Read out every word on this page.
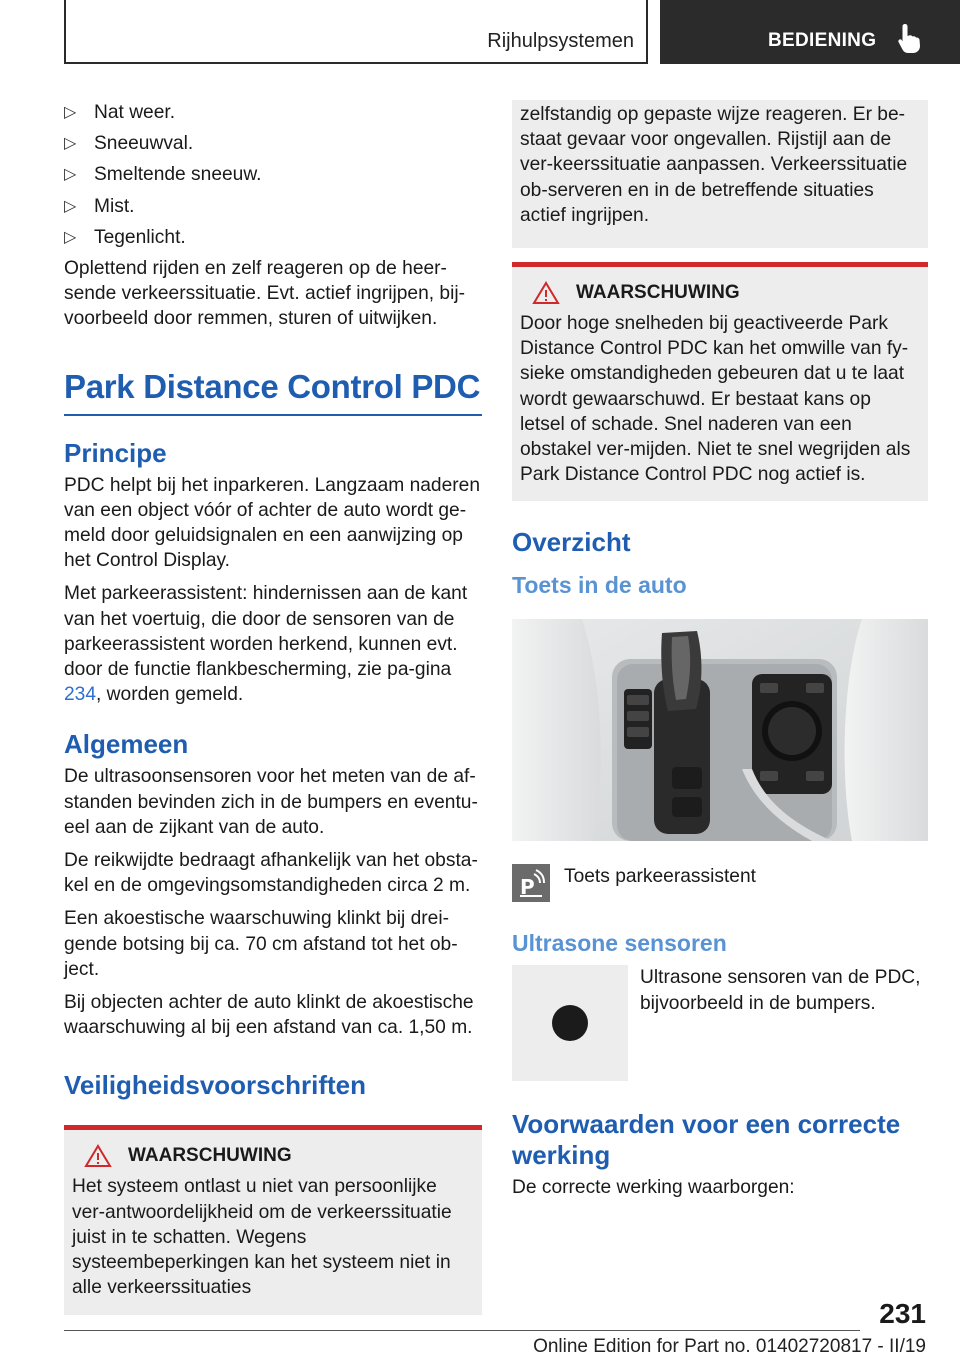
Rijhulpsystemen	BEDIENING
▷ Nat weer.
▷ Sneeuwval.
▷ Smeltende sneeuw.
▷ Mist.
▷ Tegenlicht.

Oplettend rijden en zelf reageren op de heer-sende verkeerssituatie. Evt. actief ingrijpen, bij-voorbeeld door remmen, sturen of uitwijken.

Park Distance Control PDC
Principe

PDC helpt bij het inparkeren. Langzaam naderen van een object vóór of achter de auto wordt ge-meld door geluidsignalen en een aanwijzing op het Control Display.

Met parkeerassistent: hindernissen aan de kant van het voertuig, die door de sensoren van de parkeerassistent worden herkend, kunnen evt. door de functie flankbescherming, zie pa-gina 234, worden gemeld.

Algemeen

De ultrasoonsensoren voor het meten van de af-standen bevinden zich in de bumpers en eventu-eel aan de zijkant van de auto.

De reikwijdte bedraagt afhankelijk van het obsta-kel en de omgevingsomstandigheden circa 2 m.

Een akoestische waarschuwing klinkt bij drei-gende botsing bij ca. 70 cm afstand tot het ob-ject.

Bij objecten achter de auto klinkt de akoestische waarschuwing al bij een afstand van ca. 1,50 m.

Veiligheidsvoorschriften
WAARSCHUWING

Het systeem ontlast u niet van persoonlijke ver-antwoordelijkheid om de verkeerssituatie juist in te schatten. Wegens systeembeperkingen kan het systeem niet in alle verkeerssituaties

zelfstandig op gepaste wijze reageren. Er be-staat gevaar voor ongevallen. Rijstijl aan de ver-keerssituatie aanpassen. Verkeerssituatie ob-serveren en in de betreffende situaties actief ingrijpen.

WAARSCHUWING

Door hoge snelheden bij geactiveerde Park Distance Control PDC kan het omwille van fy-sieke omstandigheden gebeuren dat u te laat wordt gewaarschuwd. Er bestaat kans op letsel of schade. Snel naderen van een obstakel ver-mijden. Niet te snel wegrijden als Park Distance Control PDC nog actief is.

Overzicht
Toets in de auto
P Toets parkeerassistent

Ultrasone sensoren

Ultrasone sensoren van de PDC, bijvoorbeeld in de bumpers.

Voorwaarden voor een correcte werking

De correcte werking waarborgen:

231
Online Edition for Part no. 01402720817 - II/19
